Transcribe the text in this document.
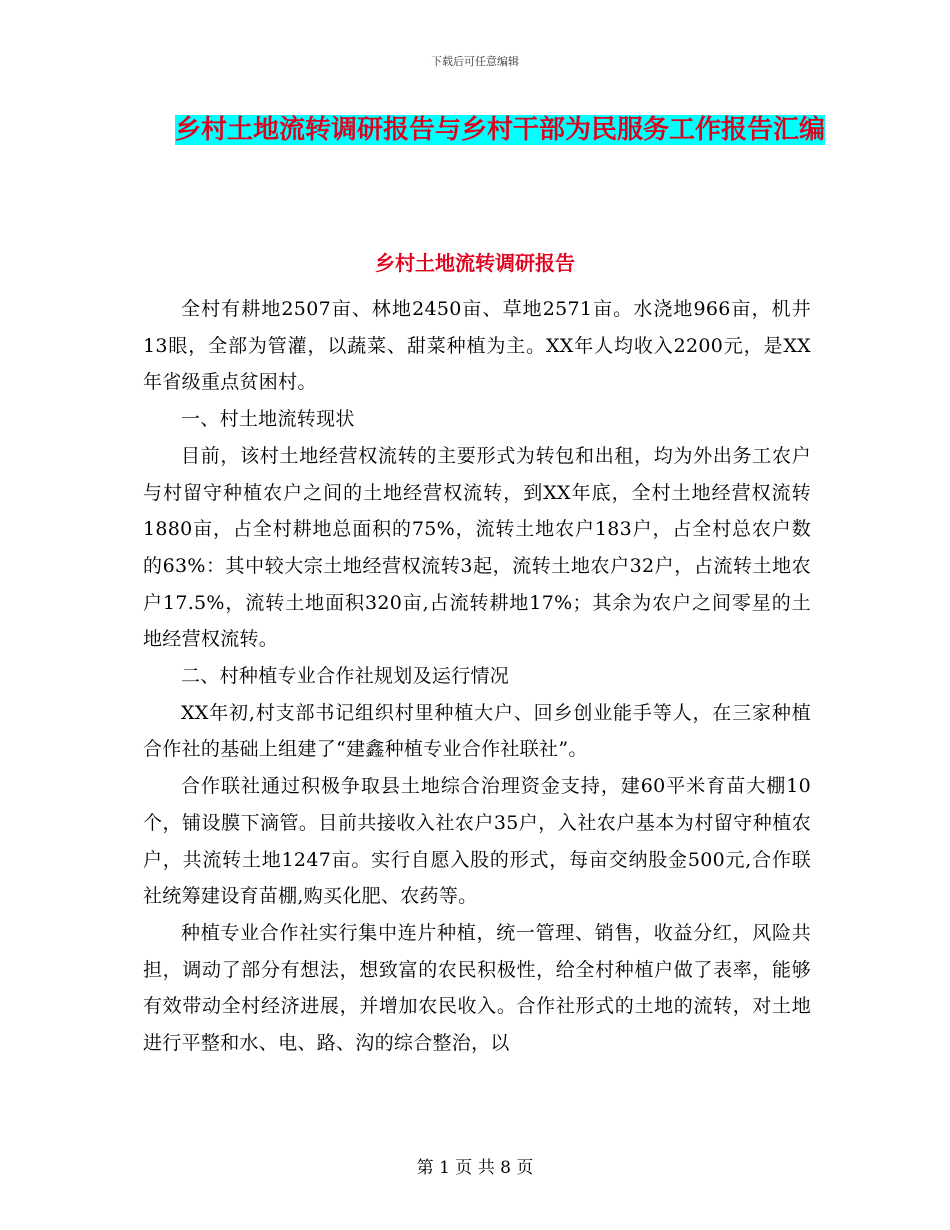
下载后可任意编辑
乡村土地流转调研报告与乡村干部为民服务工作报告汇编
乡村土地流转调研报告

全村有耕地2507亩、林地2450亩、草地2571亩。水浇地966亩，机井13眼，全部为管灌，以蔬菜、甜菜种植为主。XX年人均收入2200元，是XX年省级重点贫困村。

一、村土地流转现状

目前，该村土地经营权流转的主要形式为转包和出租，均为外出务工农户与村留守种植农户之间的土地经营权流转，到XX年底，全村土地经营权流转1880亩，占全村耕地总面积的75%，流转土地农户183户，占全村总农户数的63%：其中较大宗土地经营权流转3起，流转土地农户32户，占流转土地农户17.5%，流转土地面积320亩,占流转耕地17%；其余为农户之间零星的土地经营权流转。

二、村种植专业合作社规划及运行情况

XX年初,村支部书记组织村里种植大户、回乡创业能手等人，在三家种植合作社的基础上组建了“建鑫种植专业合作社联社”。

合作联社通过积极争取县土地综合治理资金支持，建60平米育苗大棚10个，铺设膜下滴管。目前共接收入社农户35户，入社农户基本为村留守种植农户，共流转土地1247亩。实行自愿入股的形式，每亩交纳股金500元,合作联社统筹建设育苗棚,购买化肥、农药等。

种植专业合作社实行集中连片种植，统一管理、销售，收益分红，风险共担，调动了部分有想法，想致富的农民积极性，给全村种植户做了表率，能够有效带动全村经济进展，并增加农民收入。合作社形式的土地的流转，对土地进行平整和水、电、路、沟的综合整治，以

第 1 页 共 8 页
